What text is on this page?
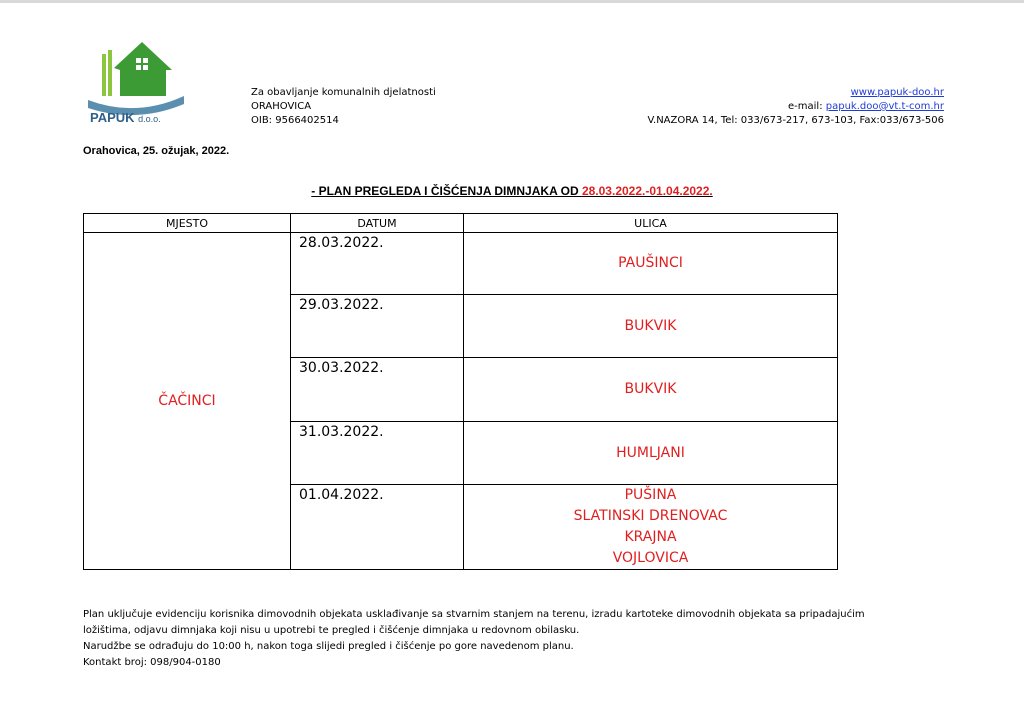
PAPUK d.o.o.
Za obavljanje komunalnih djelatnosti
ORAHOVICA
OIB: 9566402514
www.papuk-doo.hr
e-mail: papuk.doo@vt.t-com.hr
V.NAZORA 14, Tel: 033/673-217, 673-103, Fax:033/673-506
Orahovica, 25. ožujak, 2022.
- PLAN PREGLEDA I ČIŠĆENJA DIMNJAKA OD 28.03.2022.-01.04.2022.
MJESTO	DATUM	ULICA
ČAČINCI	28.03.2022.	PAUŠINCI

	29.03.2022.	BUKVIK

	30.03.2022.	BUKVIK

	31.03.2022.	HUMLJANI

	01.04.2022.	PUŠINA
SLATINSKI DRENOVAC
KRAJNA
VOJLOVICA
Plan uključuje evidenciju korisnika dimovodnih objekata usklađivanje sa stvarnim stanjem na terenu, izradu kartoteke dimovodnih objekata sa pripadajućim
ložištima, odjavu dimnjaka koji nisu u upotrebi te pregled i čišćenje dimnjaka u redovnom obilasku.
Narudžbe se odrađuju do 10:00 h, nakon toga slijedi pregled i čišćenje po gore navedenom planu.
Kontakt broj: 098/904-0180
